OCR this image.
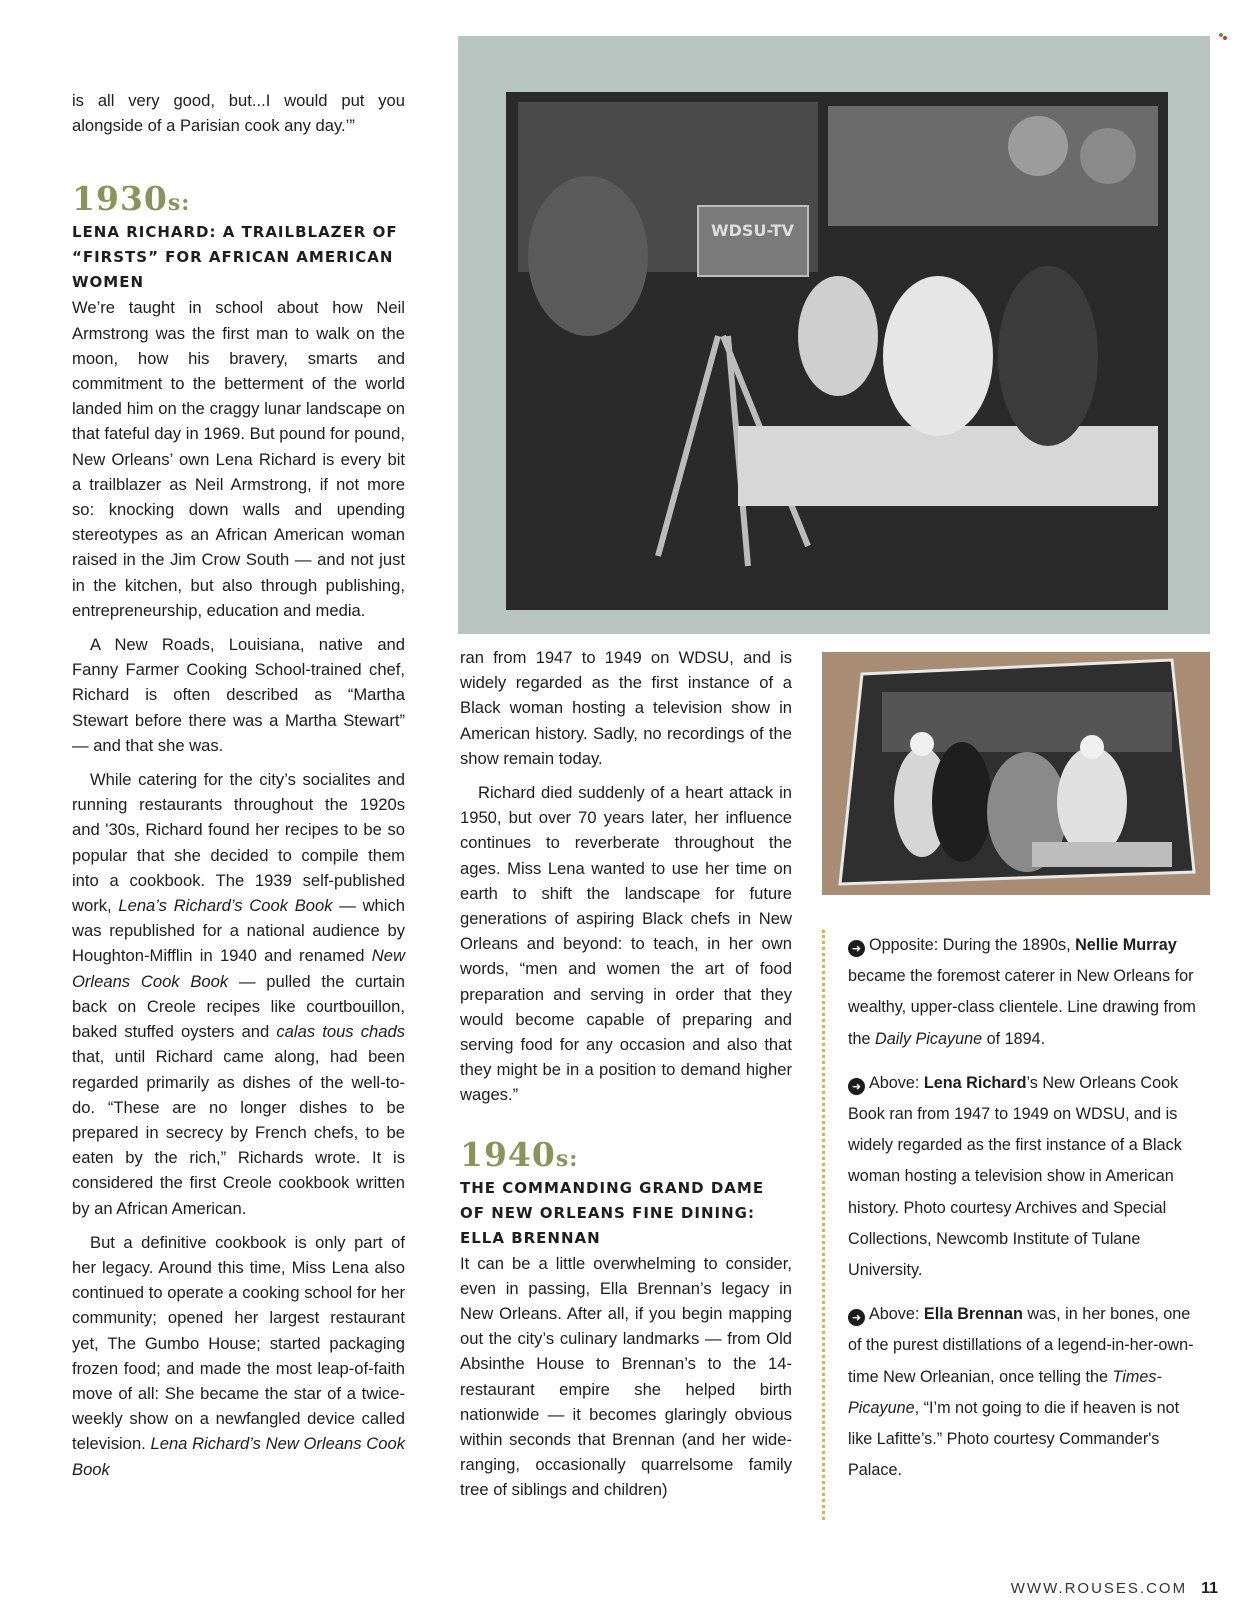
is all very good, but...I would put you alongside of a Parisian cook any day.’”

1930s:
LENA RICHARD: A TRAILBLAZER OF “FIRSTS” FOR AFRICAN AMERICAN WOMEN

We’re taught in school about how Neil Armstrong was the first man to walk on the moon, how his bravery, smarts and commitment to the betterment of the world landed him on the craggy lunar landscape on that fateful day in 1969. But pound for pound, New Orleans’ own Lena Richard is every bit a trailblazer as Neil Armstrong, if not more so: knocking down walls and upending stereotypes as an African American woman raised in the Jim Crow South — and not just in the kitchen, but also through publishing, entrepreneurship, education and media.

A New Roads, Louisiana, native and Fanny Farmer Cooking School-trained chef, Richard is often described as “Martha Stewart before there was a Martha Stewart” — and that she was.

While catering for the city’s socialites and running restaurants throughout the 1920s and '30s, Richard found her recipes to be so popular that she decided to compile them into a cookbook. The 1939 self-published work, Lena’s Richard’s Cook Book — which was republished for a national audience by Houghton-Mifflin in 1940 and renamed New Orleans Cook Book — pulled the curtain back on Creole recipes like courtbouillon, baked stuffed oysters and calas tous chads that, until Richard came along, had been regarded primarily as dishes of the well-to-do. “These are no longer dishes to be prepared in secrecy by French chefs, to be eaten by the rich,” Richards wrote. It is considered the first Creole cookbook written by an African American.

But a definitive cookbook is only part of her legacy. Around this time, Miss Lena also continued to operate a cooking school for her community; opened her largest restaurant yet, The Gumbo House; started packaging frozen food; and made the most leap-of-faith move of all: She became the star of a twice-weekly show on a newfangled device called television. Lena Richard’s New Orleans Cook Book

WDSU-TV

ran from 1947 to 1949 on WDSU, and is widely regarded as the first instance of a Black woman hosting a television show in American history. Sadly, no recordings of the show remain today.

Richard died suddenly of a heart attack in 1950, but over 70 years later, her influence continues to reverberate throughout the ages. Miss Lena wanted to use her time on earth to shift the landscape for future generations of aspiring Black chefs in New Orleans and beyond: to teach, in her own words, “men and women the art of food preparation and serving in order that they would become capable of preparing and serving food for any occasion and also that they might be in a position to demand higher wages.”

1940s:
THE COMMANDING GRAND DAME OF NEW ORLEANS FINE DINING: ELLA BRENNAN

It can be a little overwhelming to consider, even in passing, Ella Brennan’s legacy in New Orleans. After all, if you begin mapping out the city’s culinary landmarks — from Old Absinthe House to Brennan’s to the 14-restaurant empire she helped birth nationwide — it becomes glaringly obvious within seconds that Brennan (and her wide-ranging, occasionally quarrelsome family tree of siblings and children)

➜ Opposite: During the 1890s, Nellie Murray became the foremost caterer in New Orleans for wealthy, upper-class clientele. Line drawing from the Daily Picayune of 1894.

➜ Above: Lena Richard’s New Orleans Cook Book ran from 1947 to 1949 on WDSU, and is widely regarded as the first instance of a Black woman hosting a television show in American history. Photo courtesy Archives and Special Collections, Newcomb Institute of Tulane University.

➜ Above: Ella Brennan was, in her bones, one of the purest distillations of a legend-in-her-own-time New Orleanian, once telling the Times-Picayune, “I’m not going to die if heaven is not like Lafitte’s.” Photo courtesy Commander's Palace.

WWW.ROUSES.COM 11
